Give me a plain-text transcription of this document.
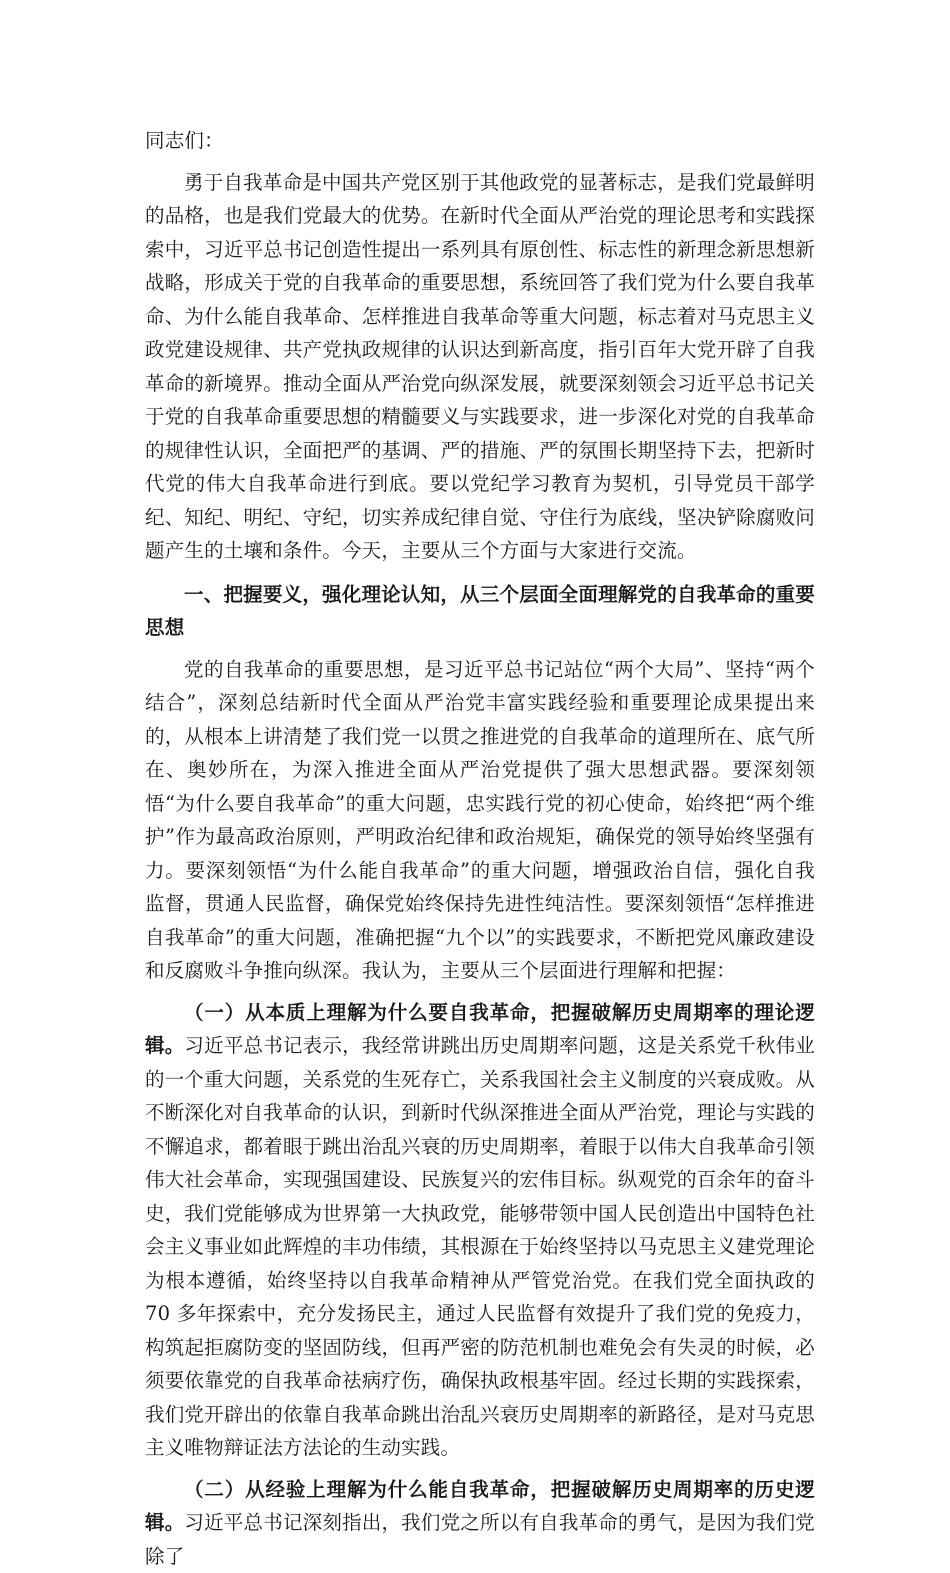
同志们：

勇于自我革命是中国共产党区别于其他政党的显著标志，是我们党最鲜明的品格，也是我们党最大的优势。在新时代全面从严治党的理论思考和实践探索中，习近平总书记创造性提出一系列具有原创性、标志性的新理念新思想新战略，形成关于党的自我革命的重要思想，系统回答了我们党为什么要自我革命、为什么能自我革命、怎样推进自我革命等重大问题，标志着对马克思主义政党建设规律、共产党执政规律的认识达到新高度，指引百年大党开辟了自我革命的新境界。推动全面从严治党向纵深发展，就要深刻领会习近平总书记关于党的自我革命重要思想的精髓要义与实践要求，进一步深化对党的自我革命的规律性认识，全面把严的基调、严的措施、严的氛围长期坚持下去，把新时代党的伟大自我革命进行到底。要以党纪学习教育为契机，引导党员干部学纪、知纪、明纪、守纪，切实养成纪律自觉、守住行为底线，坚决铲除腐败问题产生的土壤和条件。今天，主要从三个方面与大家进行交流。

一、把握要义，强化理论认知，从三个层面全面理解党的自我革命的重要思想

党的自我革命的重要思想，是习近平总书记站位“两个大局”、坚持“两个结合”，深刻总结新时代全面从严治党丰富实践经验和重要理论成果提出来的，从根本上讲清楚了我们党一以贯之推进党的自我革命的道理所在、底气所在、奥妙所在，为深入推进全面从严治党提供了强大思想武器。要深刻领悟“为什么要自我革命”的重大问题，忠实践行党的初心使命，始终把“两个维护”作为最高政治原则，严明政治纪律和政治规矩，确保党的领导始终坚强有力。要深刻领悟“为什么能自我革命”的重大问题，增强政治自信，强化自我监督，贯通人民监督，确保党始终保持先进性纯洁性。要深刻领悟“怎样推进自我革命”的重大问题，准确把握“九个以”的实践要求，不断把党风廉政建设和反腐败斗争推向纵深。我认为，主要从三个层面进行理解和把握：

（一）从本质上理解为什么要自我革命，把握破解历史周期率的理论逻辑。习近平总书记表示，我经常讲跳出历史周期率问题，这是关系党千秋伟业的一个重大问题，关系党的生死存亡，关系我国社会主义制度的兴衰成败。从不断深化对自我革命的认识，到新时代纵深推进全面从严治党，理论与实践的不懈追求，都着眼于跳出治乱兴衰的历史周期率，着眼于以伟大自我革命引领伟大社会革命，实现强国建设、民族复兴的宏伟目标。纵观党的百余年的奋斗史，我们党能够成为世界第一大执政党，能够带领中国人民创造出中国特色社会主义事业如此辉煌的丰功伟绩，其根源在于始终坚持以马克思主义建党理论为根本遵循，始终坚持以自我革命精神从严管党治党。在我们党全面执政的 70 多年探索中，充分发扬民主，通过人民监督有效提升了我们党的免疫力，构筑起拒腐防变的坚固防线，但再严密的防范机制也难免会有失灵的时候，必须要依靠党的自我革命祛病疗伤，确保执政根基牢固。经过长期的实践探索，我们党开辟出的依靠自我革命跳出治乱兴衰历史周期率的新路径，是对马克思主义唯物辩证法方法论的生动实践。

（二）从经验上理解为什么能自我革命，把握破解历史周期率的历史逻辑。习近平总书记深刻指出，我们党之所以有自我革命的勇气，是因为我们党除了
